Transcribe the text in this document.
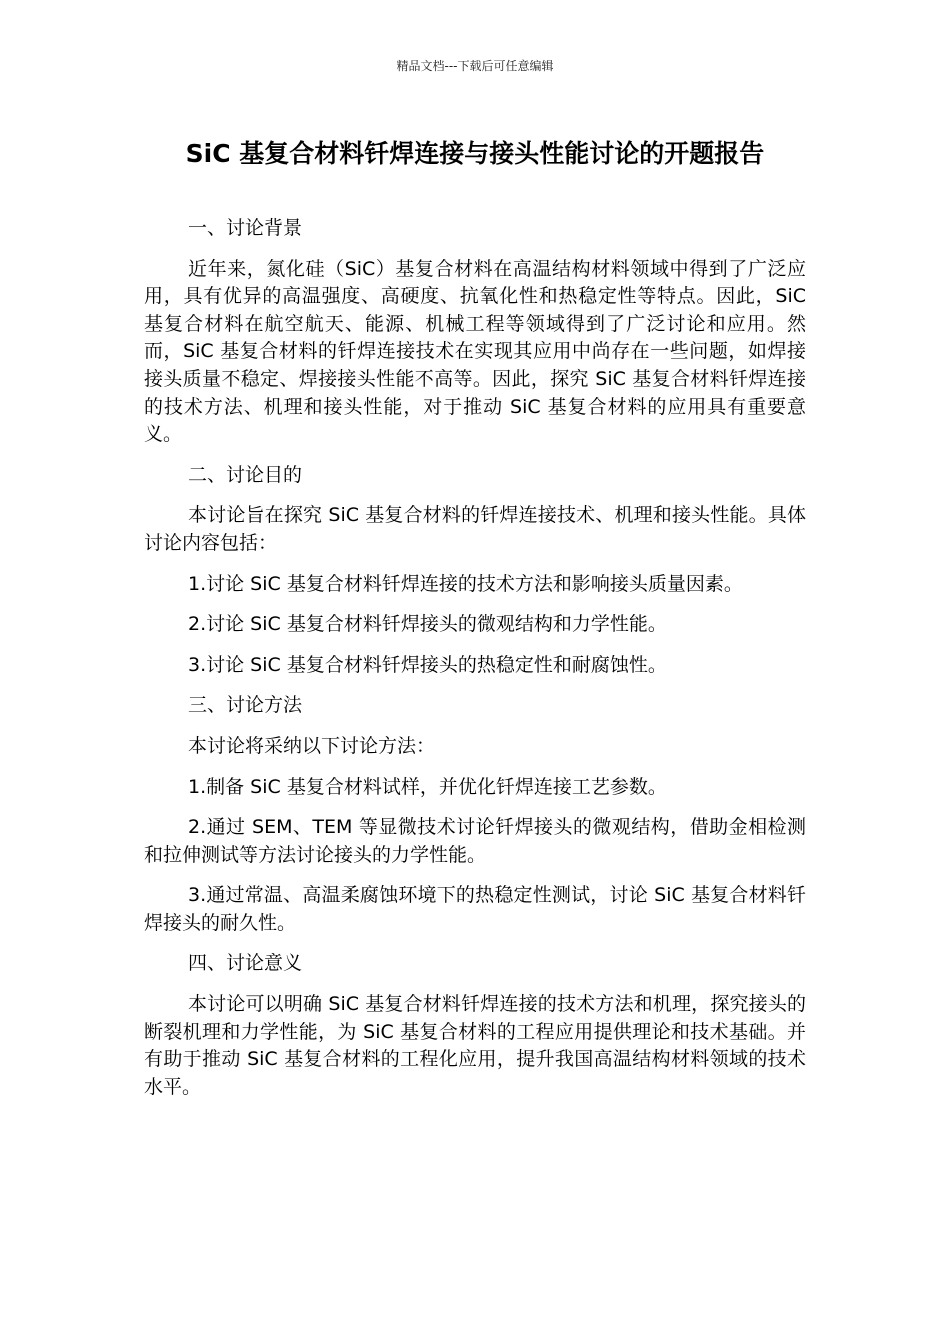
精品文档---下载后可任意编辑
SiC 基复合材料钎焊连接与接头性能讨论的开题报告

一、讨论背景

近年来，氮化硅（SiC）基复合材料在高温结构材料领域中得到了广泛应用，具有优异的高温强度、高硬度、抗氧化性和热稳定性等特点。因此，SiC 基复合材料在航空航天、能源、机械工程等领域得到了广泛讨论和应用。然而，SiC 基复合材料的钎焊连接技术在实现其应用中尚存在一些问题，如焊接接头质量不稳定、焊接接头性能不高等。因此，探究 SiC 基复合材料钎焊连接的技术方法、机理和接头性能，对于推动 SiC 基复合材料的应用具有重要意义。

二、讨论目的

本讨论旨在探究 SiC 基复合材料的钎焊连接技术、机理和接头性能。具体讨论内容包括：

1.讨论 SiC 基复合材料钎焊连接的技术方法和影响接头质量因素。

2.讨论 SiC 基复合材料钎焊接头的微观结构和力学性能。

3.讨论 SiC 基复合材料钎焊接头的热稳定性和耐腐蚀性。

三、讨论方法

本讨论将采纳以下讨论方法：

1.制备 SiC 基复合材料试样，并优化钎焊连接工艺参数。

2.通过 SEM、TEM 等显微技术讨论钎焊接头的微观结构，借助金相检测和拉伸测试等方法讨论接头的力学性能。

3.通过常温、高温柔腐蚀环境下的热稳定性测试，讨论 SiC 基复合材料钎焊接头的耐久性。

四、讨论意义

本讨论可以明确 SiC 基复合材料钎焊连接的技术方法和机理，探究接头的断裂机理和力学性能，为 SiC 基复合材料的工程应用提供理论和技术基础。并有助于推动 SiC 基复合材料的工程化应用，提升我国高温结构材料领域的技术水平。
